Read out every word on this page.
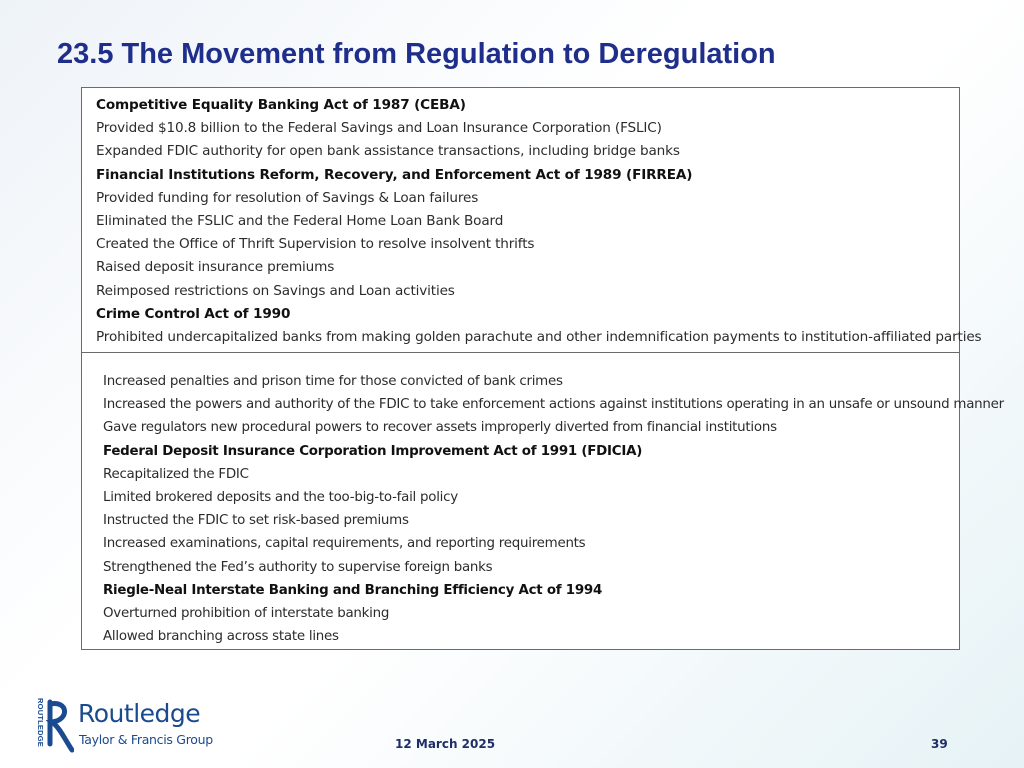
23.5 The Movement from Regulation to Deregulation
Competitive Equality Banking Act of 1987 (CEBA)
Provided $10.8 billion to the Federal Savings and Loan Insurance Corporation (FSLIC)
Expanded FDIC authority for open bank assistance transactions, including bridge banks
Financial Institutions Reform, Recovery, and Enforcement Act of 1989 (FIRREA)
Provided funding for resolution of Savings & Loan failures
Eliminated the FSLIC and the Federal Home Loan Bank Board
Created the Office of Thrift Supervision to resolve insolvent thrifts
Raised deposit insurance premiums
Reimposed restrictions on Savings and Loan activities
Crime Control Act of 1990
Prohibited undercapitalized banks from making golden parachute and other indemnification payments to institution-affiliated parties
Increased penalties and prison time for those convicted of bank crimes
Increased the powers and authority of the FDIC to take enforcement actions against institutions operating in an unsafe or unsound manner
Gave regulators new procedural powers to recover assets improperly diverted from financial institutions
Federal Deposit Insurance Corporation Improvement Act of 1991 (FDICIA)
Recapitalized the FDIC
Limited brokered deposits and the too-big-to-fail policy
Instructed the FDIC to set risk-based premiums
Increased examinations, capital requirements, and reporting requirements
Strengthened the Fed’s authority to supervise foreign banks
Riegle-Neal Interstate Banking and Branching Efficiency Act of 1994
Overturned prohibition of interstate banking
Allowed branching across state lines
ROUTLEDGE Routledge
Taylor & Francis Group	12 March 2025	39
